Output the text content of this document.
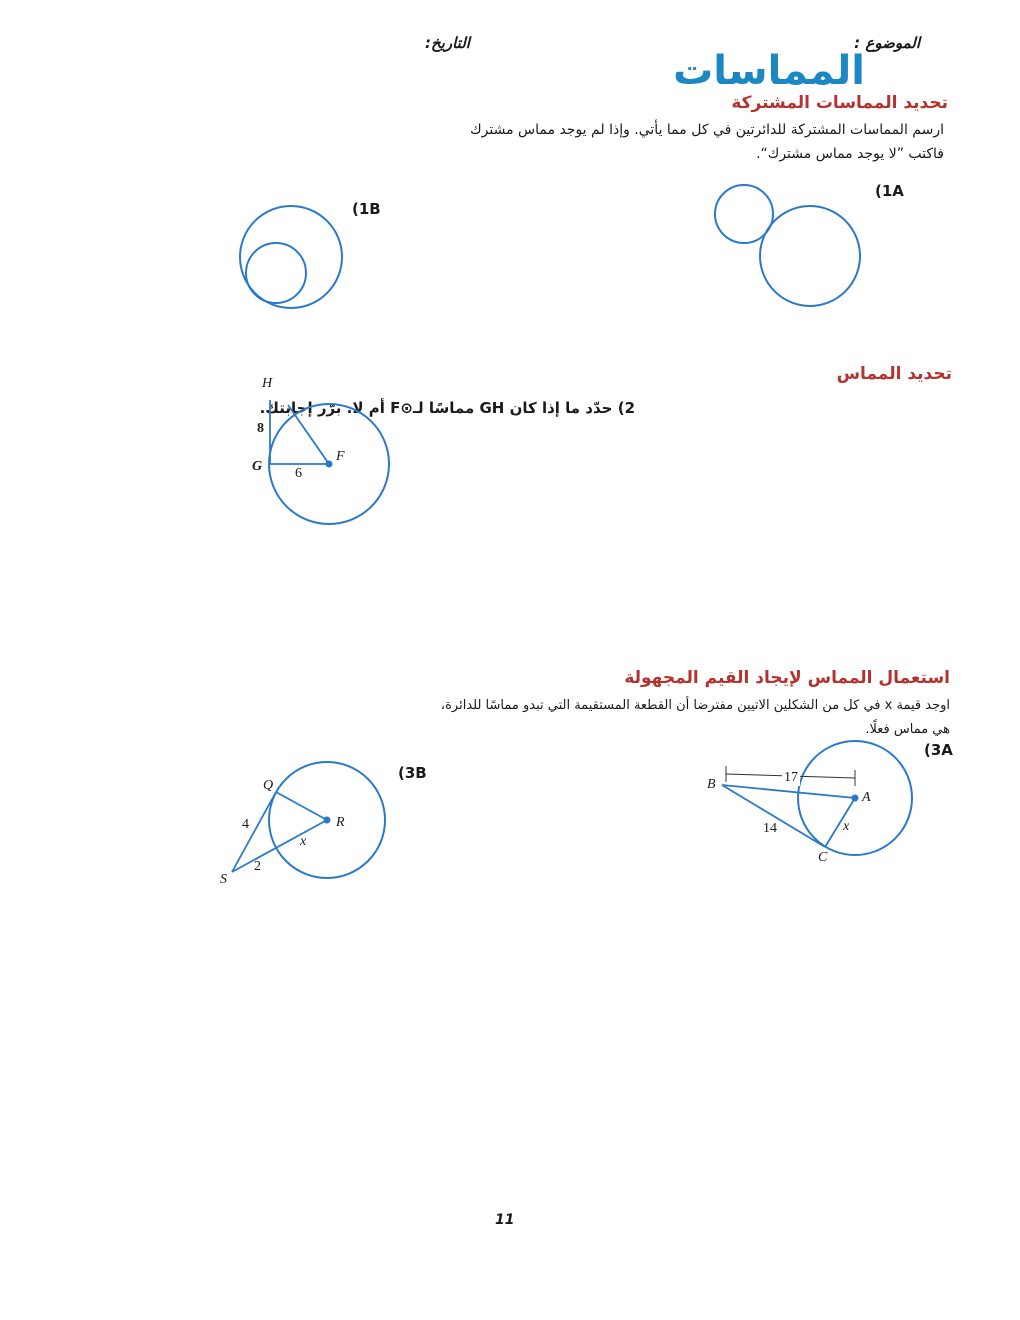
الموضوع :
التاريخ:
المماسات
تحديد المماسات المشتركة
ارسم المماسات المشتركة للدائرتين في كل مما يأتي. وإذا لم يوجد مماس مشترك
فاكتب ”لا يوجد مماس مشترك“.
(1A
(1B
تحديد المماس
2) حدّد ما إذا كان GH مماسًا لـ⊙F أم لا. برّر إجابتك.
H
8
G 6
F
استعمال المماس لإيجاد القيم المجهولة
اوجد قيمة x في كل من الشكلين الاتيين مفترضا أن القطعة المستقيمة التي تبدو مماسًا للدائرة،
هي مماس فعلًا.
(3A
(3B
B	17
A
14	x
C
Q
R
4
x
2
S
11
